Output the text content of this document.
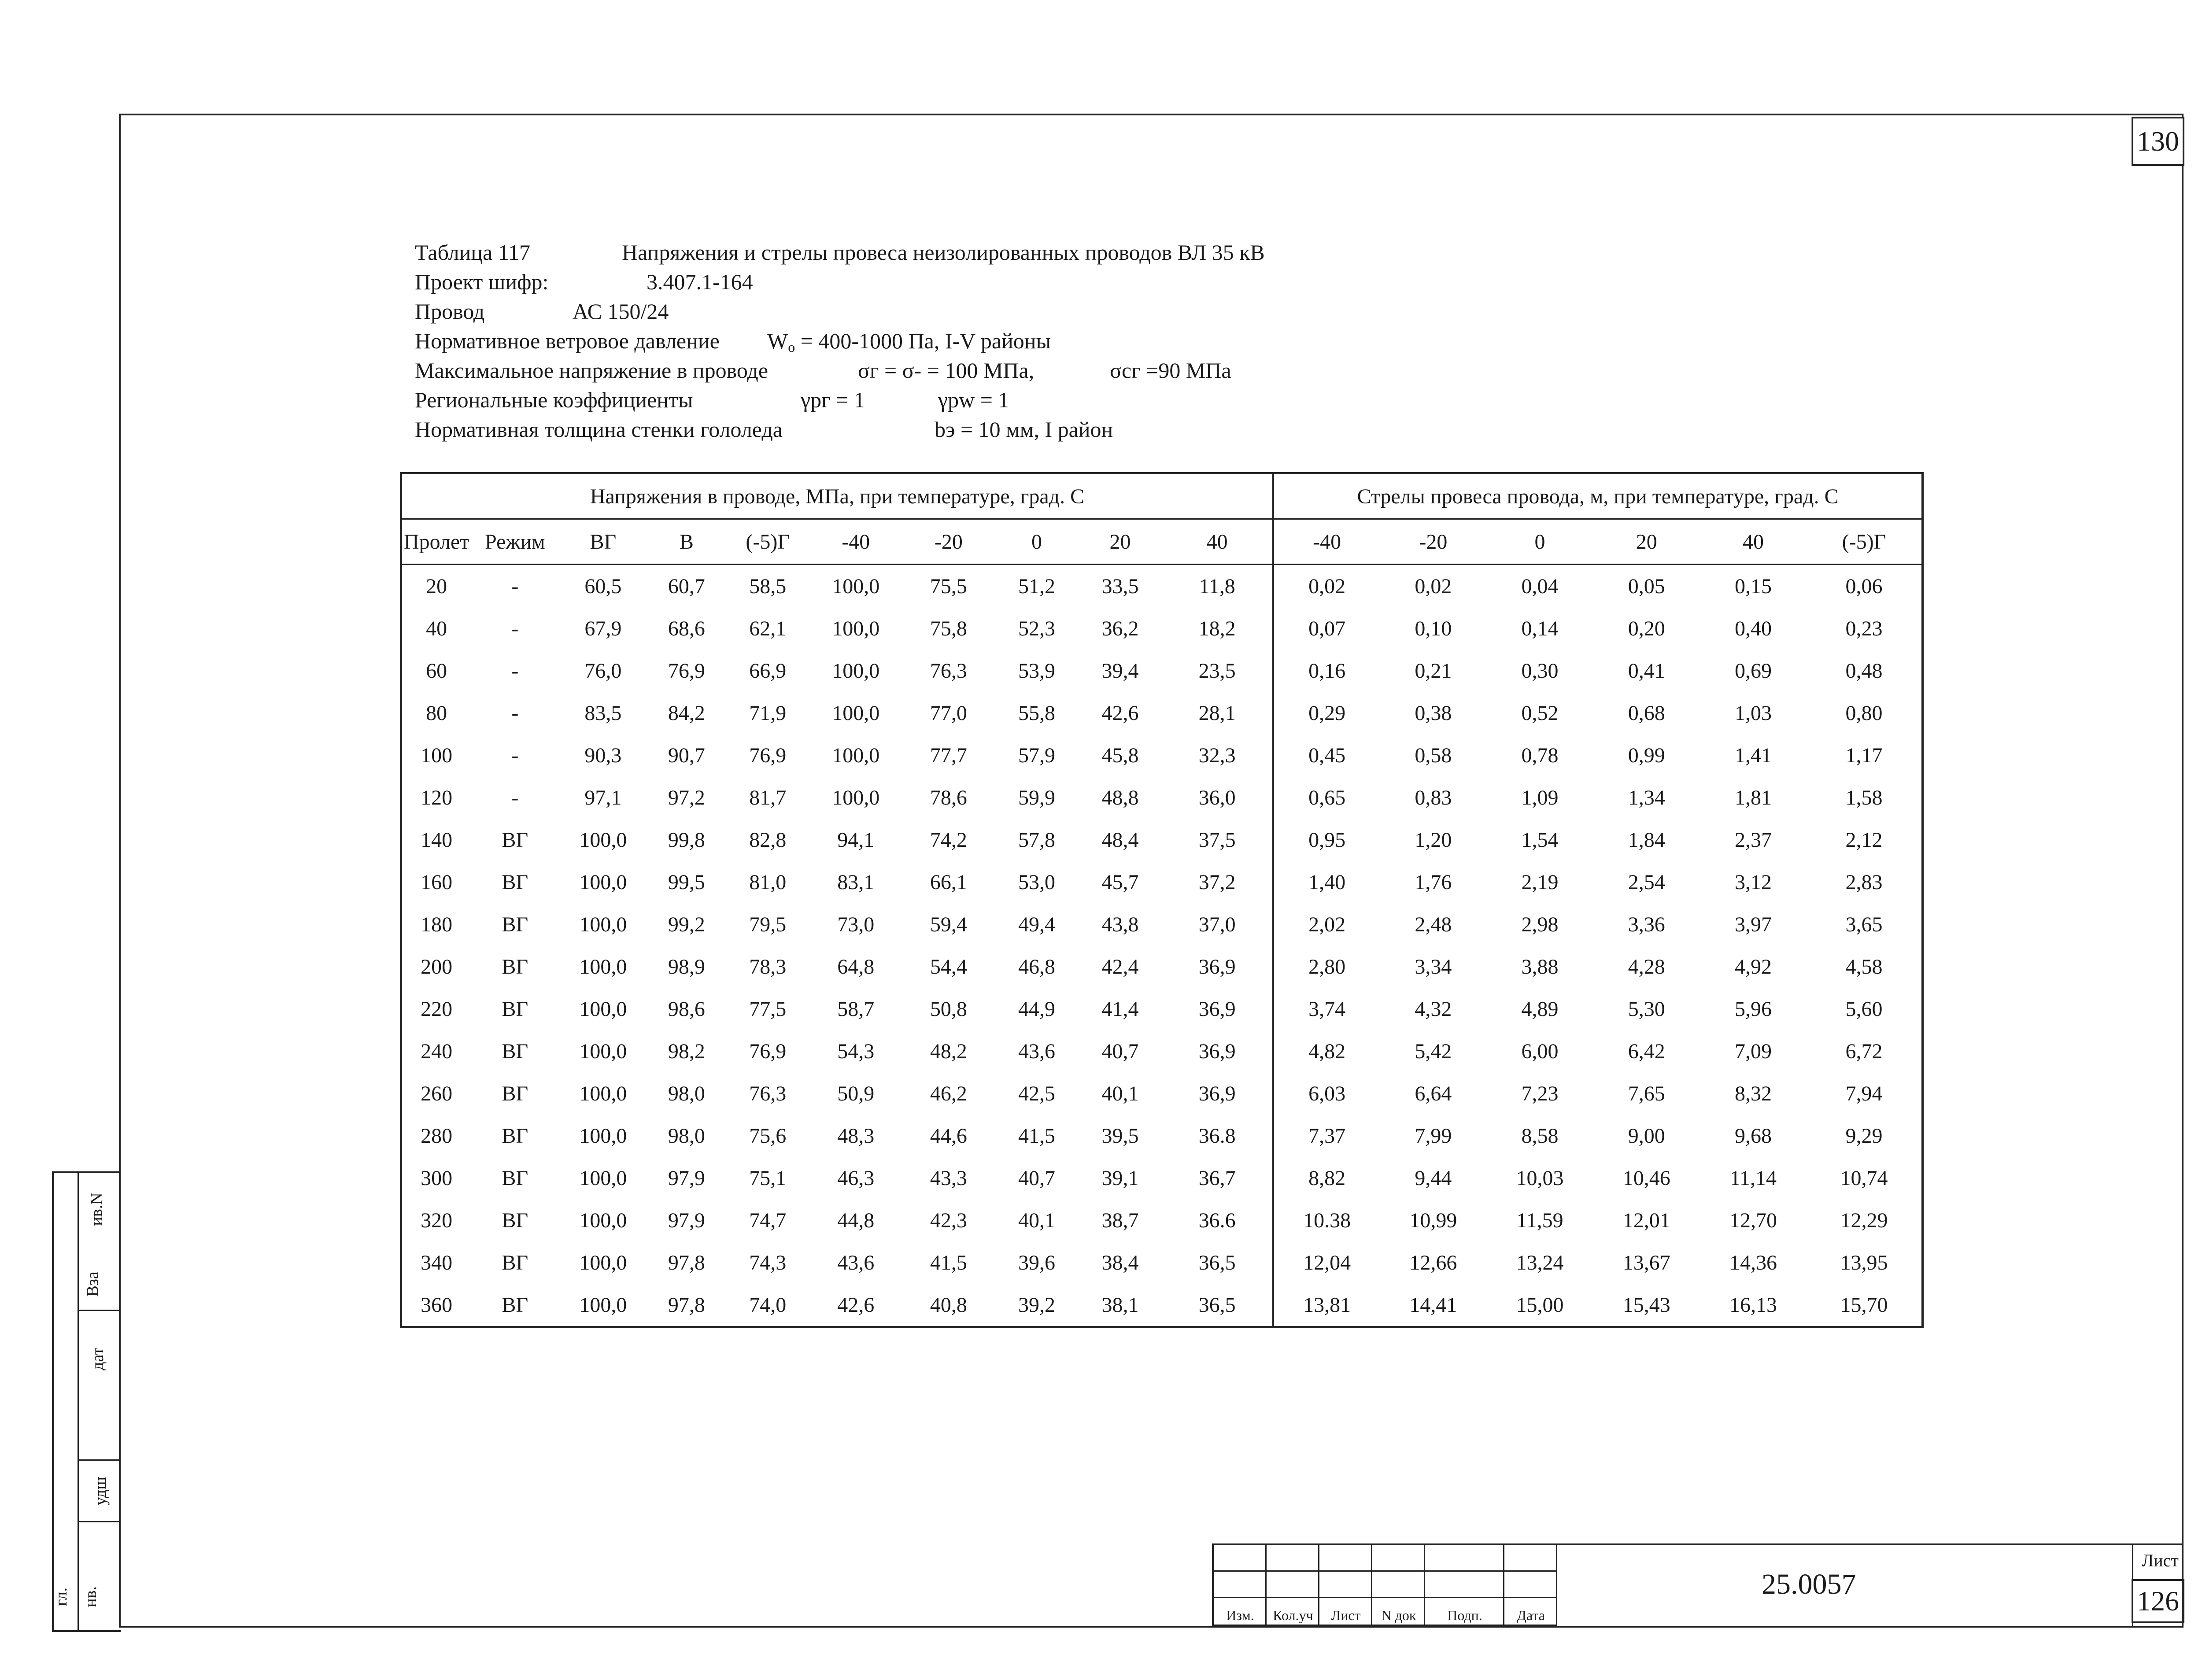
130
Таблица 117	Напряжения и стрелы провеса неизолированных проводов ВЛ 35 кВ
Проект шифр:	3.407.1-164
Провод	АС 150/24
Нормативное ветровое давление $W_о = 400-1000$ Па, I-V районы
Максимальное напряжение в проводе	σг = σ- = 100 МПа,	σсг =90 МПа
Региональные коэффициенты	γрг = 1	γpw = 1
Нормативная толщина стенки гололеда	bэ = 10 мм, I район
Напряжения в проводе, МПа, при температуре, град. С										Стрелы провеса провода, м, при температуре, град. С					
Пролет	Режим	ВГ	В	(-5)Г	-40	-20	0	20	40	-40	-20	0	20	40	(-5)Г
20	-	60,5	60,7	58,5	100,0	75,5	51,2	33,5	11,8	0,02	0,02	0,04	0,05	0,15	0,06
40	-	67,9	68,6	62,1	100,0	75,8	52,3	36,2	18,2	0,07	0,10	0,14	0,20	0,40	0,23
60	-	76,0	76,9	66,9	100,0	76,3	53,9	39,4	23,5	0,16	0,21	0,30	0,41	0,69	0,48
80	-	83,5	84,2	71,9	100,0	77,0	55,8	42,6	28,1	0,29	0,38	0,52	0,68	1,03	0,80
100	-	90,3	90,7	76,9	100,0	77,7	57,9	45,8	32,3	0,45	0,58	0,78	0,99	1,41	1,17
120	-	97,1	97,2	81,7	100,0	78,6	59,9	48,8	36,0	0,65	0,83	1,09	1,34	1,81	1,58
140	ВГ	100,0	99,8	82,8	94,1	74,2	57,8	48,4	37,5	0,95	1,20	1,54	1,84	2,37	2,12
160	ВГ	100,0	99,5	81,0	83,1	66,1	53,0	45,7	37,2	1,40	1,76	2,19	2,54	3,12	2,83
180	ВГ	100,0	99,2	79,5	73,0	59,4	49,4	43,8	37,0	2,02	2,48	2,98	3,36	3,97	3,65
200	ВГ	100,0	98,9	78,3	64,8	54,4	46,8	42,4	36,9	2,80	3,34	3,88	4,28	4,92	4,58
220	ВГ	100,0	98,6	77,5	58,7	50,8	44,9	41,4	36,9	3,74	4,32	4,89	5,30	5,96	5,60
240	ВГ	100,0	98,2	76,9	54,3	48,2	43,6	40,7	36,9	4,82	5,42	6,00	6,42	7,09	6,72
260	ВГ	100,0	98,0	76,3	50,9	46,2	42,5	40,1	36,9	6,03	6,64	7,23	7,65	8,32	7,94
280	ВГ	100,0	98,0	75,6	48,3	44,6	41,5	39,5	36.8	7,37	7,99	8,58	9,00	9,68	9,29
300	ВГ	100,0	97,9	75,1	46,3	43,3	40,7	39,1	36,7	8,82	9,44	10,03	10,46	11,14	10,74
320	ВГ	100,0	97,9	74,7	44,8	42,3	40,1	38,7	36.6	10.38	10,99	11,59	12,01	12,70	12,29
340	ВГ	100,0	97,8	74,3	43,6	41,5	39,6	38,4	36,5	12,04	12,66	13,24	13,67	14,36	13,95
360	ВГ	100,0	97,8	74,0	42,6	40,8	39,2	38,1	36,5	13,81	14,41	15,00	15,43	16,13	15,70
нв.
гл.
удш
дат
Вза
ив.N
Изм.	Кол.уч	Лист	N док	Подп.	Дата
25.0057
Лист
126
